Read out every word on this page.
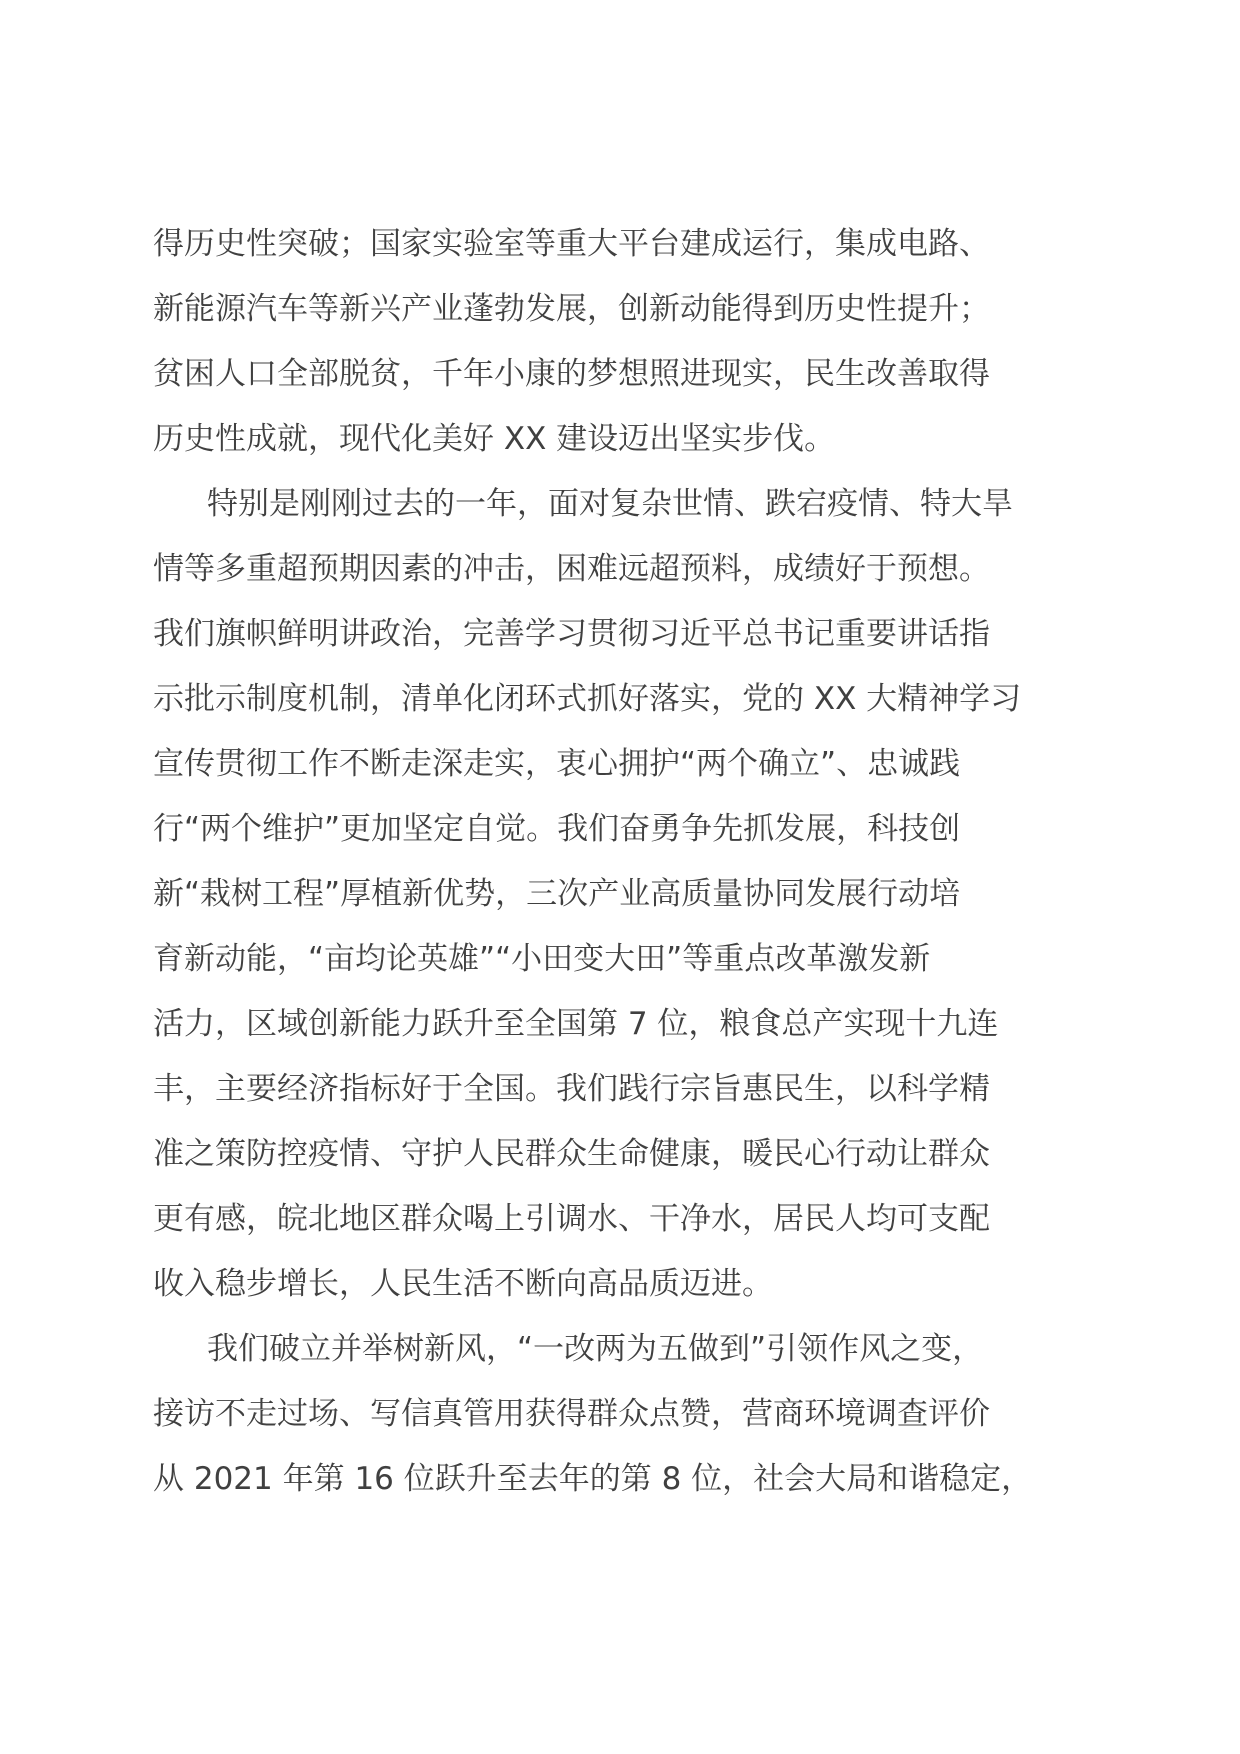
得历史性突破；国家实验室等重大平台建成运行，集成电路、
新能源汽车等新兴产业蓬勃发展，创新动能得到历史性提升；
贫困人口全部脱贫，千年小康的梦想照进现实，民生改善取得
历史性成就，现代化美好 XX 建设迈出坚实步伐。
特别是刚刚过去的一年，面对复杂世情、跌宕疫情、特大旱
情等多重超预期因素的冲击，困难远超预料，成绩好于预想。
我们旗帜鲜明讲政治，完善学习贯彻习近平总书记重要讲话指
示批示制度机制，清单化闭环式抓好落实，党的 XX 大精神学习
宣传贯彻工作不断走深走实，衷心拥护“两个确立”、忠诚践
行“两个维护”更加坚定自觉。我们奋勇争先抓发展，科技创
新“栽树工程”厚植新优势，三次产业高质量协同发展行动培
育新动能，“亩均论英雄”“小田变大田”等重点改革激发新
活力，区域创新能力跃升至全国第 7 位，粮食总产实现十九连
丰，主要经济指标好于全国。我们践行宗旨惠民生，以科学精
准之策防控疫情、守护人民群众生命健康，暖民心行动让群众
更有感，皖北地区群众喝上引调水、干净水，居民人均可支配
收入稳步增长，人民生活不断向高品质迈进。
我们破立并举树新风，“一改两为五做到”引领作风之变，
接访不走过场、写信真管用获得群众点赞，营商环境调查评价
从 2021 年第 16 位跃升至去年的第 8 位，社会大局和谐稳定，
